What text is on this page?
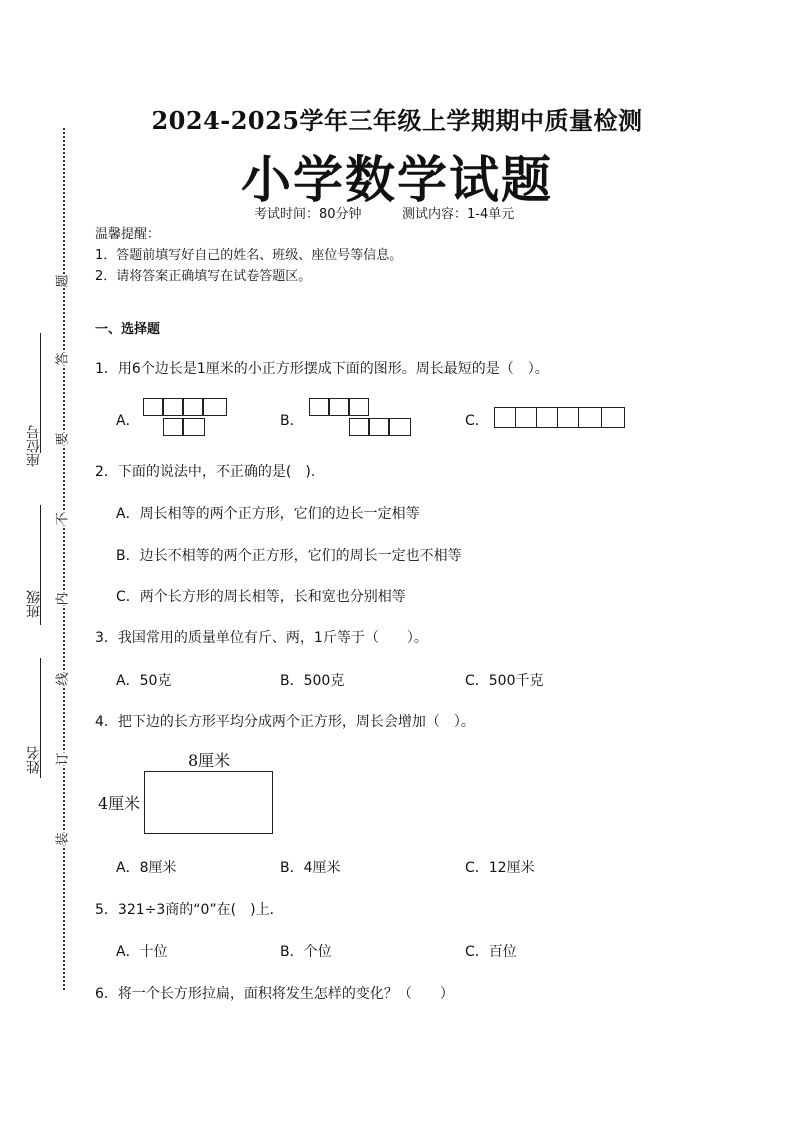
座位号
班级
姓名
题
答
要
不
内
线
订
装
2024-2025学年三年级上学期期中质量检测
小学数学试题
考试时间：80分钟	测试内容：1-4单元
温馨提醒：
1．答题前填写好自己的姓名、班级、座位号等信息。
2．请将答案正确填写在试卷答题区。
一、选择题
1．用6个边长是1厘米的小正方形摆成下面的图形。周长最短的是（　）。
A．	B．	C．
2．下面的说法中，不正确的是(　).
A．周长相等的两个正方形，它们的边长一定相等
B．边长不相等的两个正方形，它们的周长一定也不相等
C．两个长方形的周长相等，长和宽也分别相等
3．我国常用的质量单位有斤、两，1斤等于（　　）。
A．50克	B．500克	C．500千克
4．把下边的长方形平均分成两个正方形，周长会增加（　）。
8厘米
4厘米
A．8厘米	B．4厘米	C．12厘米
5．321÷3商的“0”在(　)上．
A．十位	B．个位	C．百位
6．将一个长方形拉扁，面积将发生怎样的变化？（　　）
